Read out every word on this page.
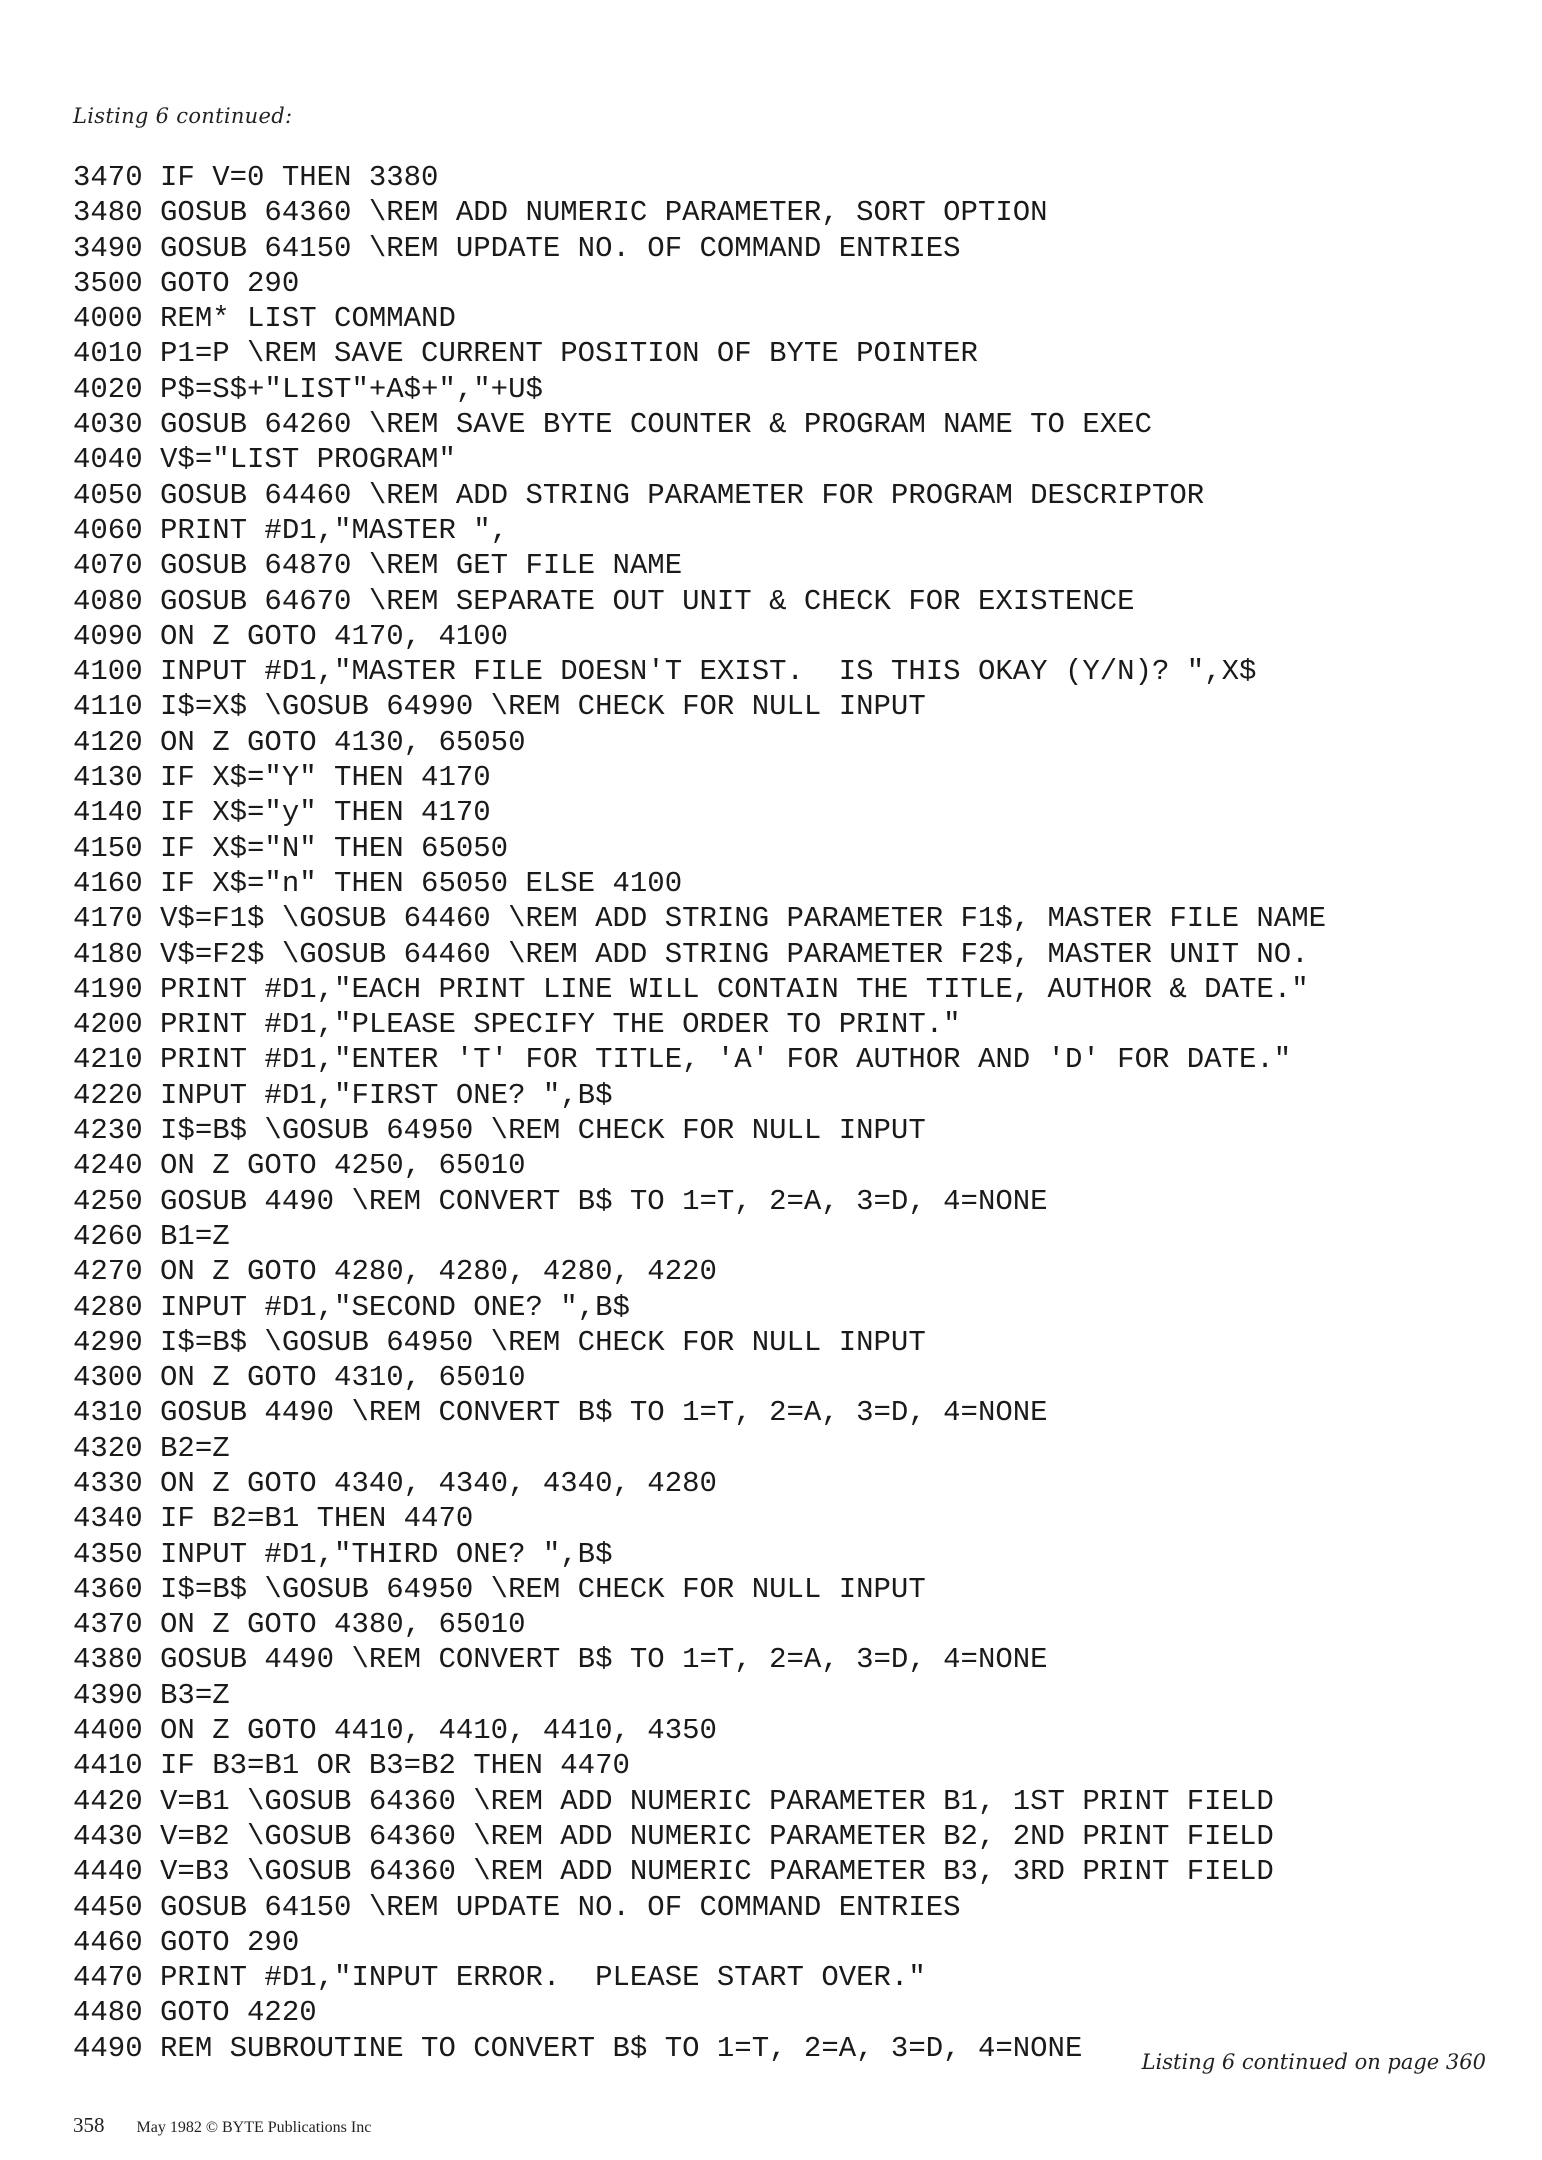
Listing 6 continued:
3470 IF V=0 THEN 3380
3480 GOSUB 64360 \REM ADD NUMERIC PARAMETER, SORT OPTION
3490 GOSUB 64150 \REM UPDATE NO. OF COMMAND ENTRIES
3500 GOTO 290
4000 REM* LIST COMMAND
4010 P1=P \REM SAVE CURRENT POSITION OF BYTE POINTER
4020 P$=S$+"LIST"+A$+","+U$
4030 GOSUB 64260 \REM SAVE BYTE COUNTER & PROGRAM NAME TO EXEC
4040 V$="LIST PROGRAM"
4050 GOSUB 64460 \REM ADD STRING PARAMETER FOR PROGRAM DESCRIPTOR
4060 PRINT #D1,"MASTER ",
4070 GOSUB 64870 \REM GET FILE NAME
4080 GOSUB 64670 \REM SEPARATE OUT UNIT & CHECK FOR EXISTENCE
4090 ON Z GOTO 4170, 4100
4100 INPUT #D1,"MASTER FILE DOESN'T EXIST.  IS THIS OKAY (Y/N)? ",X$
4110 I$=X$ \GOSUB 64990 \REM CHECK FOR NULL INPUT
4120 ON Z GOTO 4130, 65050
4130 IF X$="Y" THEN 4170
4140 IF X$="y" THEN 4170
4150 IF X$="N" THEN 65050
4160 IF X$="n" THEN 65050 ELSE 4100
4170 V$=F1$ \GOSUB 64460 \REM ADD STRING PARAMETER F1$, MASTER FILE NAME
4180 V$=F2$ \GOSUB 64460 \REM ADD STRING PARAMETER F2$, MASTER UNIT NO.
4190 PRINT #D1,"EACH PRINT LINE WILL CONTAIN THE TITLE, AUTHOR & DATE."
4200 PRINT #D1,"PLEASE SPECIFY THE ORDER TO PRINT."
4210 PRINT #D1,"ENTER 'T' FOR TITLE, 'A' FOR AUTHOR AND 'D' FOR DATE."
4220 INPUT #D1,"FIRST ONE? ",B$
4230 I$=B$ \GOSUB 64950 \REM CHECK FOR NULL INPUT
4240 ON Z GOTO 4250, 65010
4250 GOSUB 4490 \REM CONVERT B$ TO 1=T, 2=A, 3=D, 4=NONE
4260 B1=Z
4270 ON Z GOTO 4280, 4280, 4280, 4220
4280 INPUT #D1,"SECOND ONE? ",B$
4290 I$=B$ \GOSUB 64950 \REM CHECK FOR NULL INPUT
4300 ON Z GOTO 4310, 65010
4310 GOSUB 4490 \REM CONVERT B$ TO 1=T, 2=A, 3=D, 4=NONE
4320 B2=Z
4330 ON Z GOTO 4340, 4340, 4340, 4280
4340 IF B2=B1 THEN 4470
4350 INPUT #D1,"THIRD ONE? ",B$
4360 I$=B$ \GOSUB 64950 \REM CHECK FOR NULL INPUT
4370 ON Z GOTO 4380, 65010
4380 GOSUB 4490 \REM CONVERT B$ TO 1=T, 2=A, 3=D, 4=NONE
4390 B3=Z
4400 ON Z GOTO 4410, 4410, 4410, 4350
4410 IF B3=B1 OR B3=B2 THEN 4470
4420 V=B1 \GOSUB 64360 \REM ADD NUMERIC PARAMETER B1, 1ST PRINT FIELD
4430 V=B2 \GOSUB 64360 \REM ADD NUMERIC PARAMETER B2, 2ND PRINT FIELD
4440 V=B3 \GOSUB 64360 \REM ADD NUMERIC PARAMETER B3, 3RD PRINT FIELD
4450 GOSUB 64150 \REM UPDATE NO. OF COMMAND ENTRIES
4460 GOTO 290
4470 PRINT #D1,"INPUT ERROR.  PLEASE START OVER."
4480 GOTO 4220
4490 REM SUBROUTINE TO CONVERT B$ TO 1=T, 2=A, 3=D, 4=NONE	Listing 6 continued on page 360
358 May 1982 © BYTE Publications Inc
